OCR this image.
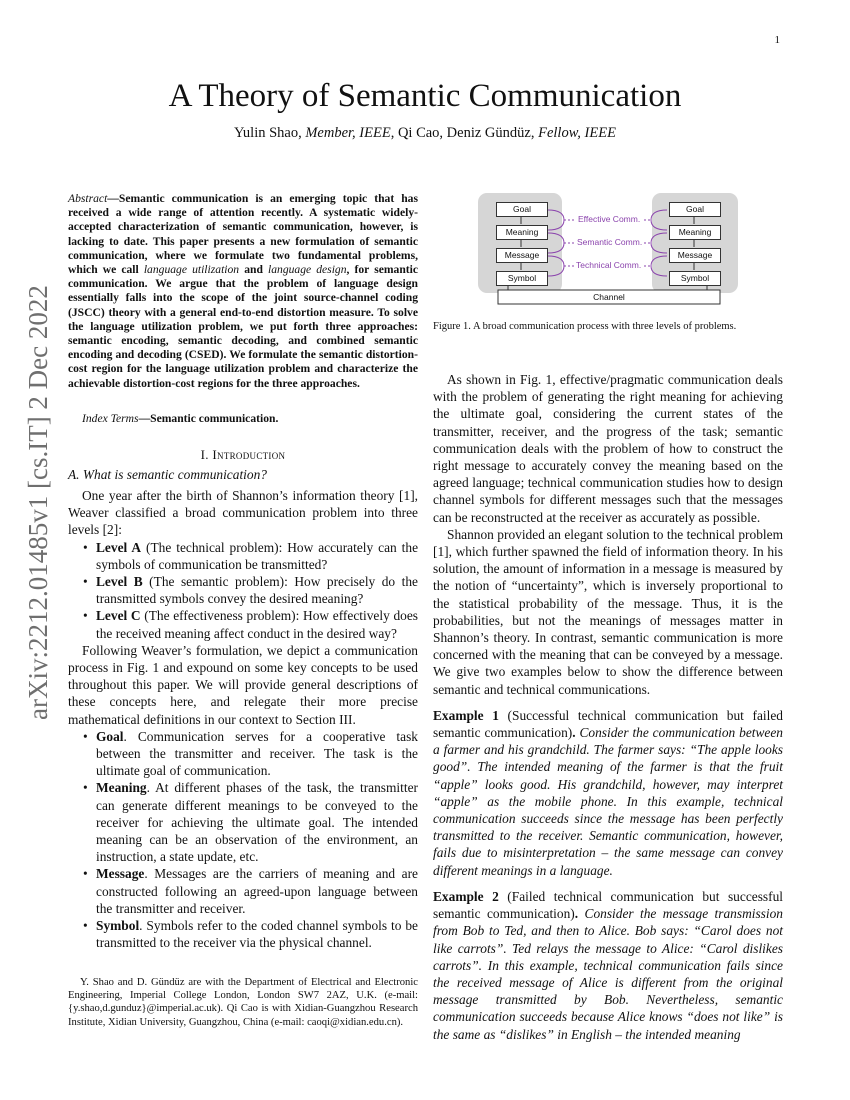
1
A Theory of Semantic Communication
Yulin Shao, Member, IEEE, Qi Cao, Deniz Gündüz, Fellow, IEEE
arXiv:2212.01485v1 [cs.IT] 2 Dec 2022
Abstract—Semantic communication is an emerging topic that has received a wide range of attention recently. A systematic widely-accepted characterization of semantic communication, however, is lacking to date. This paper presents a new formulation of semantic communication, where we formulate two fundamental problems, which we call language utilization and language design, for semantic communication. We argue that the problem of language design essentially falls into the scope of the joint source-channel coding (JSCC) theory with a general end-to-end distortion measure. To solve the language utilization problem, we put forth three approaches: semantic encoding, semantic decoding, and combined semantic encoding and decoding (CSED). We formulate the semantic distortion-cost region for the language utilization problem and characterize the achievable distortion-cost regions for the three approaches.
Index Terms—Semantic communication.
I. Introduction
A. What is semantic communication?

One year after the birth of Shannon’s information theory [1], Weaver classified a broad communication problem into three levels [2]:

• Level A (The technical problem): How accurately can the symbols of communication be transmitted?
• Level B (The semantic problem): How precisely do the transmitted symbols convey the desired meaning?
• Level C (The effectiveness problem): How effectively does the received meaning affect conduct in the desired way?

Following Weaver’s formulation, we depict a communication process in Fig. 1 and expound on some key concepts to be used throughout this paper. We will provide general descriptions of these concepts here, and relegate their more precise mathematical definitions in our context to Section III.

• Goal. Communication serves for a cooperative task between the transmitter and receiver. The task is the ultimate goal of communication.
• Meaning. At different phases of the task, the transmitter can generate different meanings to be conveyed to the receiver for achieving the ultimate goal. The intended meaning can be an observation of the environment, an instruction, a state update, etc.
• Message. Messages are the carriers of meaning and are constructed following an agreed-upon language between the transmitter and receiver.
• Symbol. Symbols refer to the coded channel symbols to be transmitted to the receiver via the physical channel.

Y. Shao and D. Gündüz are with the Department of Electrical and Electronic Engineering, Imperial College London, London SW7 2AZ, U.K. (e-mail: {y.shao,d.gunduz}@imperial.ac.uk). Qi Cao is with Xidian-Guangzhou Research Institute, Xidian University, Guangzhou, China (e-mail: caoqi@xidian.edu.cn).

Goal
Meaning
Message
Symbol
Goal
Meaning
Message
Symbol
Effective Comm.
Semantic Comm.
Technical Comm.
Channel
Figure 1. A broad communication process with three levels of problems.

As shown in Fig. 1, effective/pragmatic communication deals with the problem of generating the right meaning for achieving the ultimate goal, considering the current states of the transmitter, receiver, and the progress of the task; semantic communication deals with the problem of how to construct the right message to accurately convey the meaning based on the agreed language; technical communication studies how to design channel symbols for different messages such that the messages can be reconstructed at the receiver as accurately as possible.

Shannon provided an elegant solution to the technical problem [1], which further spawned the field of information theory. In his solution, the amount of information in a message is measured by the notion of “uncertainty”, which is inversely proportional to the statistical probability of the message. Thus, it is the probabilities, but not the meanings of messages matter in Shannon’s theory. In contrast, semantic communication is more concerned with the meaning that can be conveyed by a message. We give two examples below to show the difference between semantic and technical communications.

Example 1 (Successful technical communication but failed semantic communication). Consider the communication between a farmer and his grandchild. The farmer says: “The apple looks good”. The intended meaning of the farmer is that the fruit “apple” looks good. His grandchild, however, may interpret “apple” as the mobile phone. In this example, technical communication succeeds since the message has been perfectly transmitted to the receiver. Semantic communication, however, fails due to misinterpretation – the same message can convey different meanings in a language.

Example 2 (Failed technical communication but successful semantic communication). Consider the message transmission from Bob to Ted, and then to Alice. Bob says: “Carol does not like carrots”. Ted relays the message to Alice: “Carol dislikes carrots”. In this example, technical communication fails since the received message of Alice is different from the original message transmitted by Bob. Nevertheless, semantic communication succeeds because Alice knows “does not like” is the same as “dislikes” in English – the intended meaning
